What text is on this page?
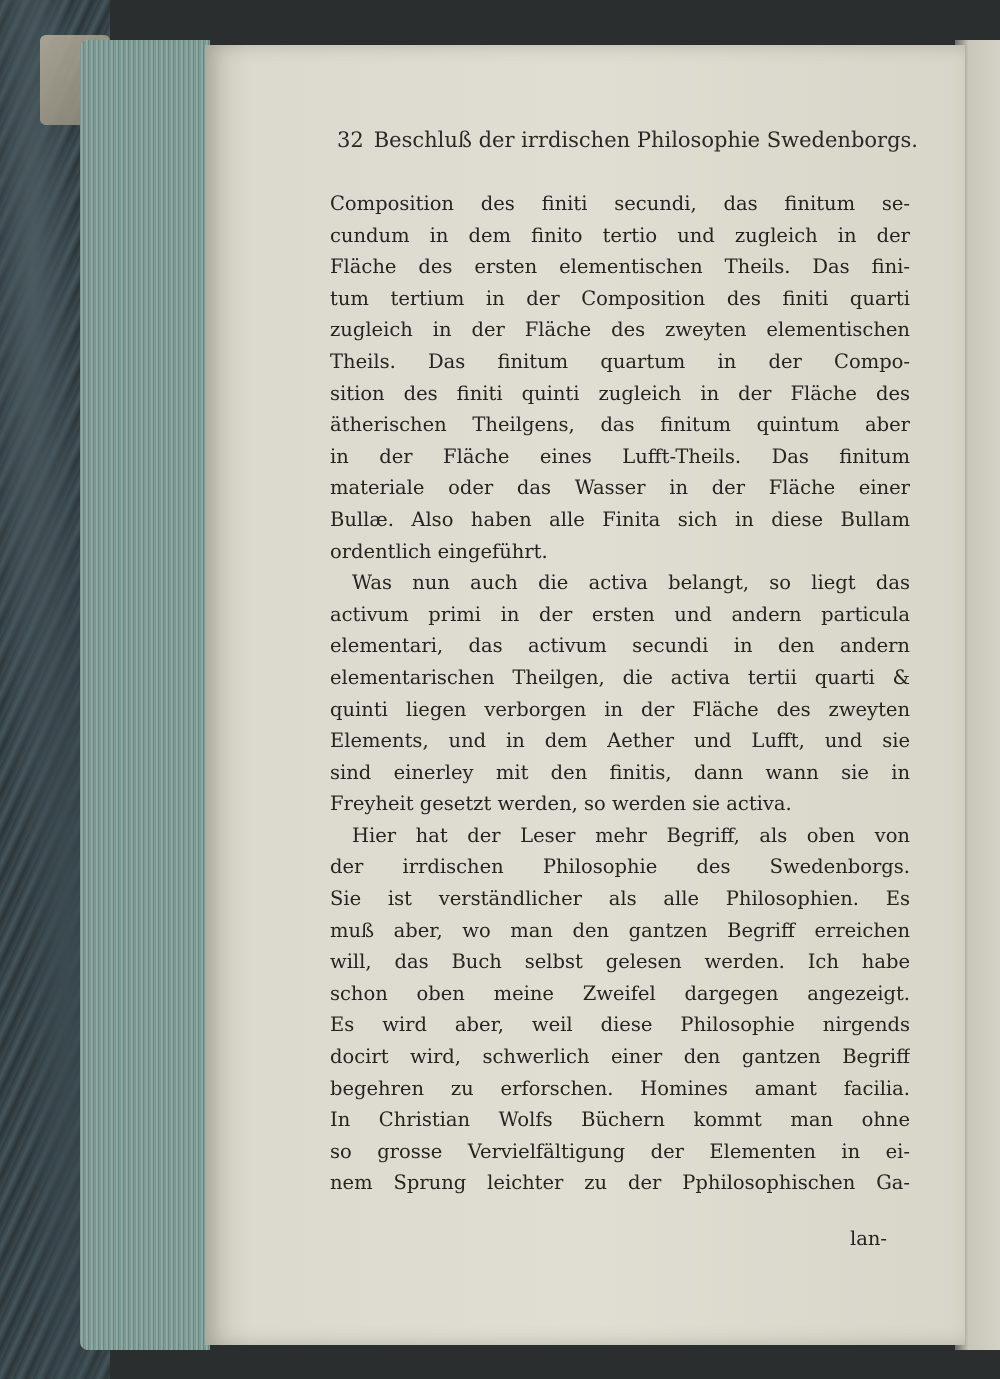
32 Beschluß der irrdischen Philosophie Swedenborgs.
Composition des finiti secundi, das finitum se-
cundum in dem finito tertio und zugleich in der
Fläche des ersten elementischen Theils. Das fini-
tum tertium in der Composition des finiti quarti
zugleich in der Fläche des zweyten elementischen
Theils. Das finitum quartum in der Compo-
sition des finiti quinti zugleich in der Fläche des
ätherischen Theilgens, das finitum quintum aber
in der Fläche eines Lufft-Theils. Das finitum
materiale oder das Wasser in der Fläche einer
Bullæ. Also haben alle Finita sich in diese Bullam
ordentlich eingeführt.
Was nun auch die activa belangt, so liegt das
activum primi in der ersten und andern particula
elementari, das activum secundi in den andern
elementarischen Theilgen, die activa tertii quarti &
quinti liegen verborgen in der Fläche des zweyten
Elements, und in dem Aether und Lufft, und sie
sind einerley mit den finitis, dann wann sie in
Freyheit gesetzt werden, so werden sie activa.
Hier hat der Leser mehr Begriff, als oben von
der irrdischen Philosophie des Swedenborgs.
Sie ist verständlicher als alle Philosophien. Es
muß aber, wo man den gantzen Begriff erreichen
will, das Buch selbst gelesen werden. Ich habe
schon oben meine Zweifel dargegen angezeigt.
Es wird aber, weil diese Philosophie nirgends
docirt wird, schwerlich einer den gantzen Begriff
begehren zu erforschen. Homines amant facilia.
In Christian Wolfs Büchern kommt man ohne
so grosse Vervielfältigung der Elementen in ei-
nem Sprung leichter zu der Pphilosophischen Ga-
lan-
